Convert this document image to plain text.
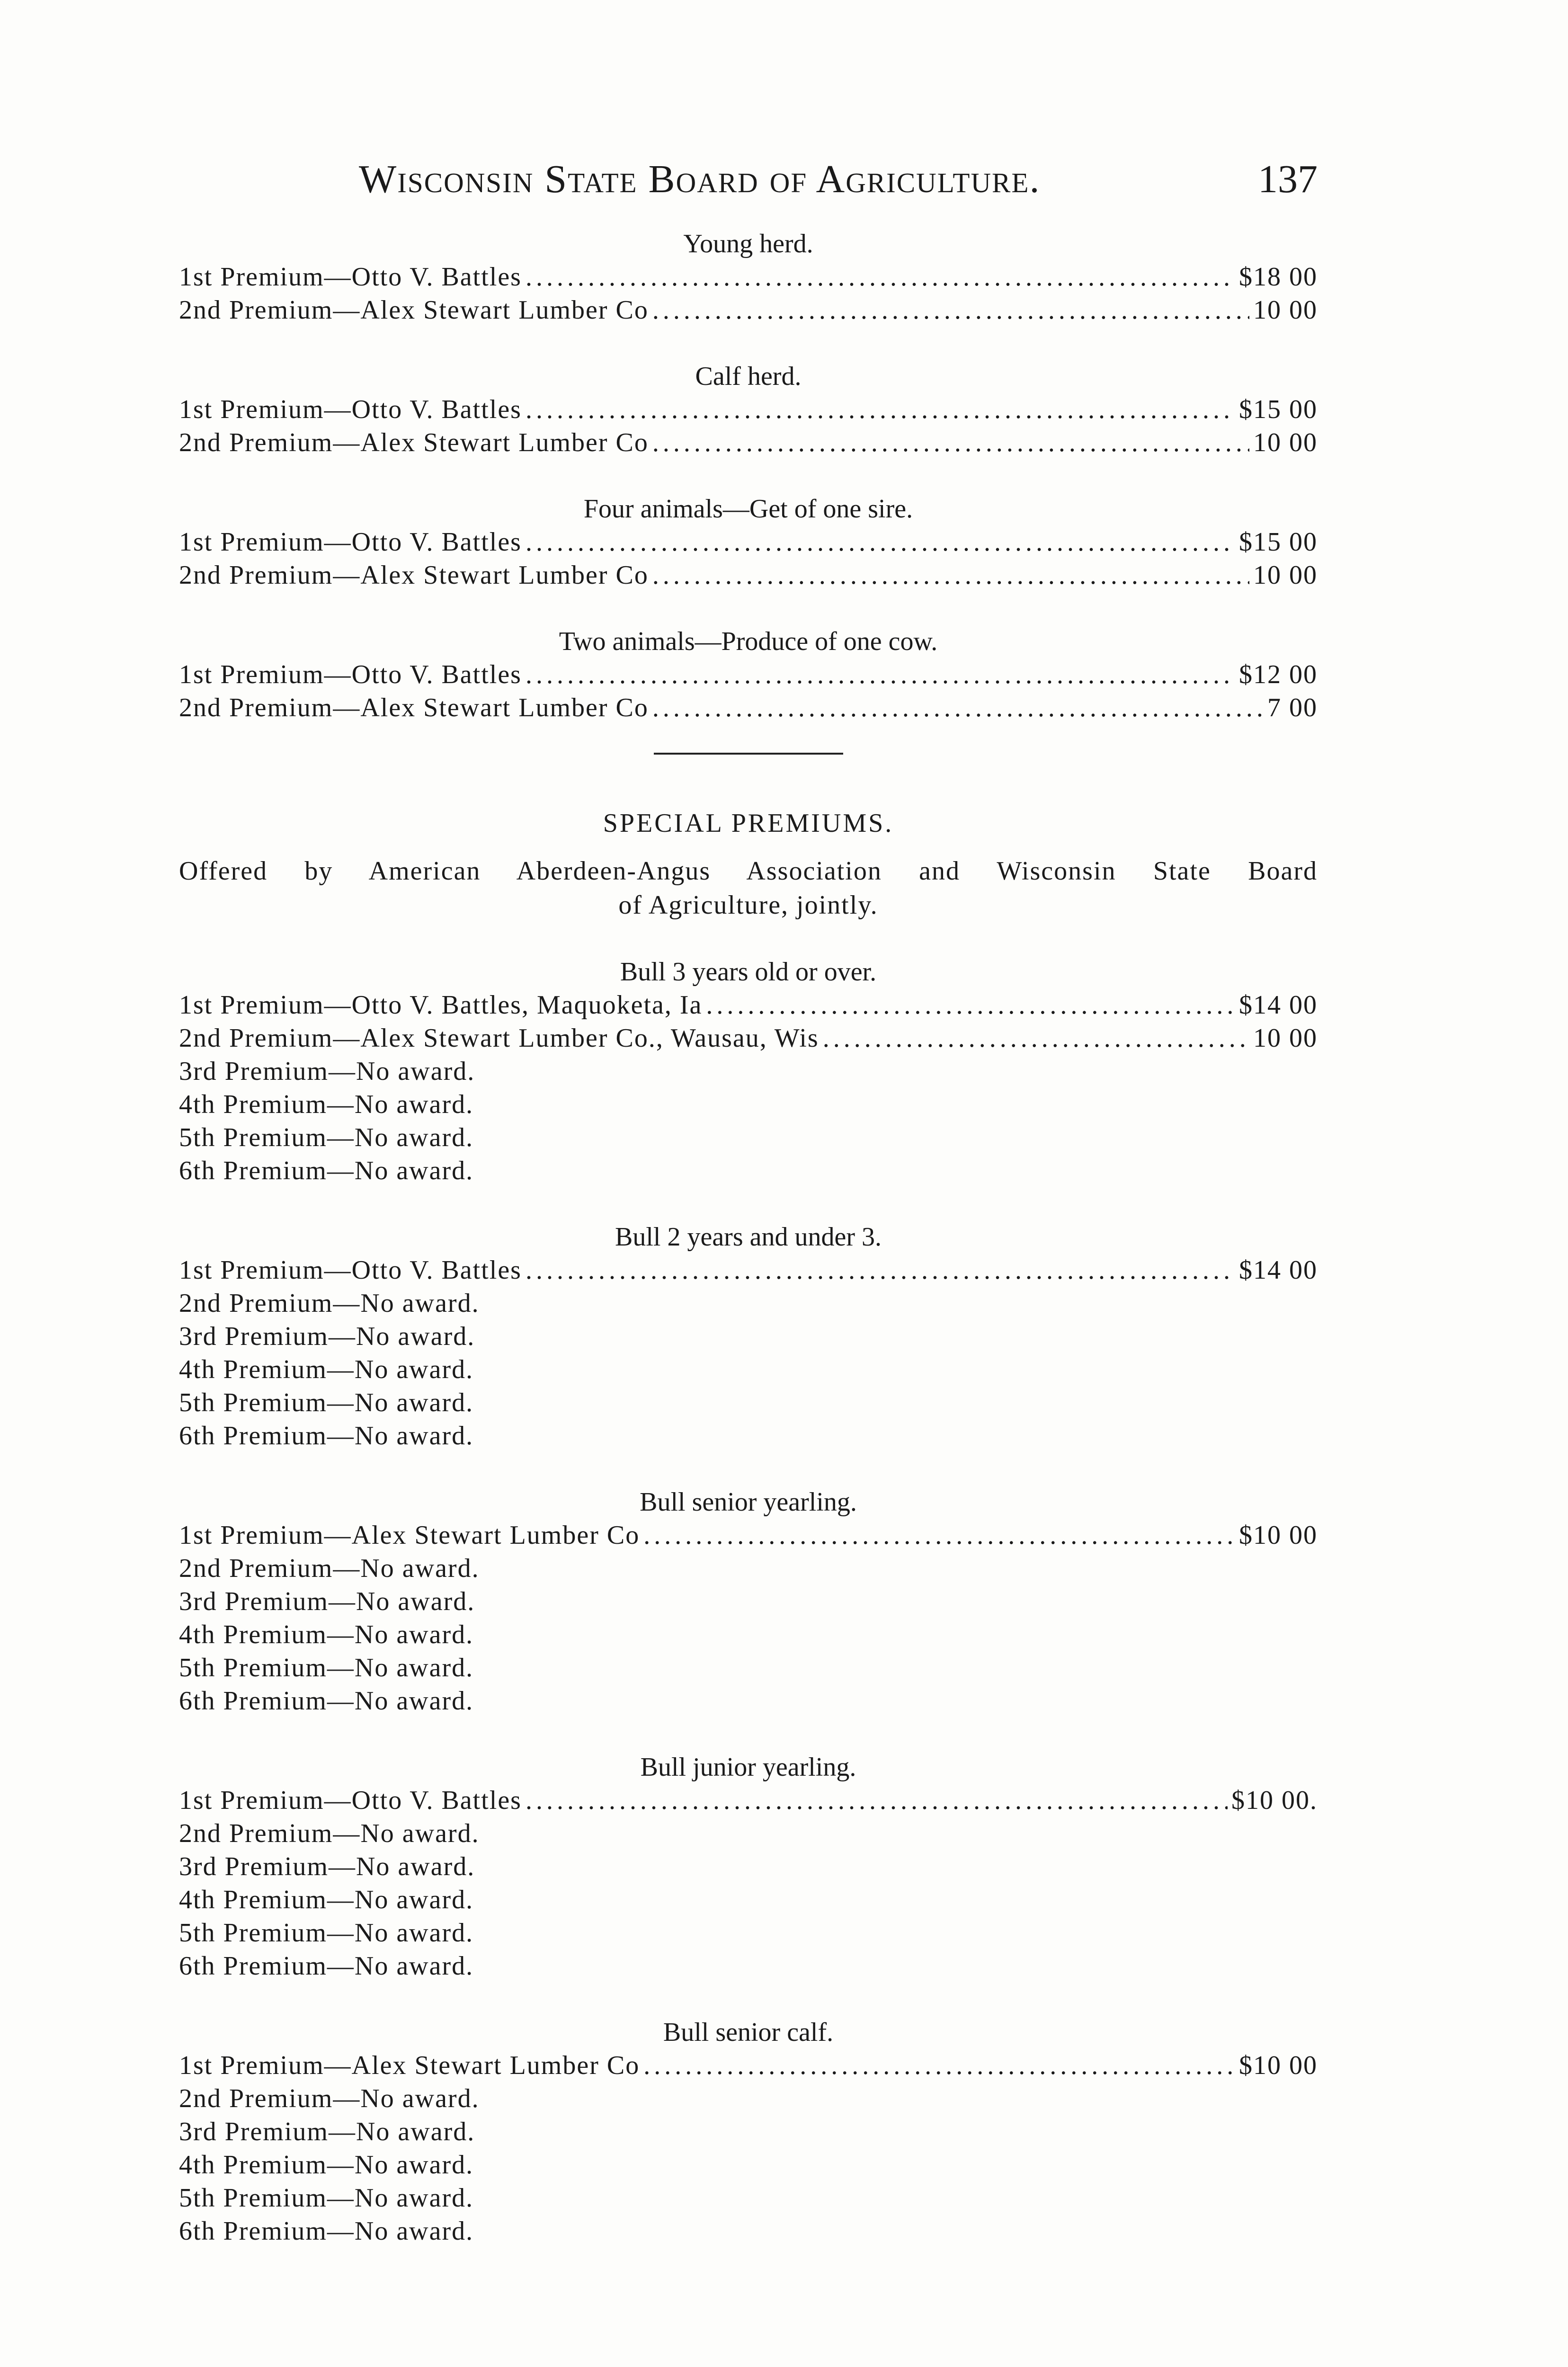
Wisconsin State Board of Agriculture.	137
Young herd.
1st Premium—Otto V. Battles .....	$18 00
2nd Premium—Alex Stewart Lumber Co .....	10 00
Calf herd.
1st Premium—Otto V. Battles .....	$15 00
2nd Premium—Alex Stewart Lumber Co .....	10 00
Four animals—Get of one sire.
1st Premium—Otto V. Battles .....	$15 00
2nd Premium—Alex Stewart Lumber Co .....	10 00
Two animals—Produce of one cow.
1st Premium—Otto V. Battles .....	$12 00
2nd Premium—Alex Stewart Lumber Co .....	7 00
SPECIAL PREMIUMS.
Offered by American Aberdeen-Angus Association and Wisconsin State Board
of Agriculture, jointly.
Bull 3 years old or over.
1st Premium—Otto V. Battles, Maquoketa, Ia .....	$14 00
2nd Premium—Alex Stewart Lumber Co., Wausau, Wis .....	10 00
3rd Premium—No award.
4th Premium—No award.
5th Premium—No award.
6th Premium—No award.
Bull 2 years and under 3.
1st Premium—Otto V. Battles .....	$14 00
2nd Premium—No award.
3rd Premium—No award.
4th Premium—No award.
5th Premium—No award.
6th Premium—No award.
Bull senior yearling.
1st Premium—Alex Stewart Lumber Co .....	$10 00
2nd Premium—No award.
3rd Premium—No award.
4th Premium—No award.
5th Premium—No award.
6th Premium—No award.
Bull junior yearling.
1st Premium—Otto V. Battles .....	$10 00.
2nd Premium—No award.
3rd Premium—No award.
4th Premium—No award.
5th Premium—No award.
6th Premium—No award.
Bull senior calf.
1st Premium—Alex Stewart Lumber Co .....	$10 00
2nd Premium—No award.
3rd Premium—No award.
4th Premium—No award.
5th Premium—No award.
6th Premium—No award.
